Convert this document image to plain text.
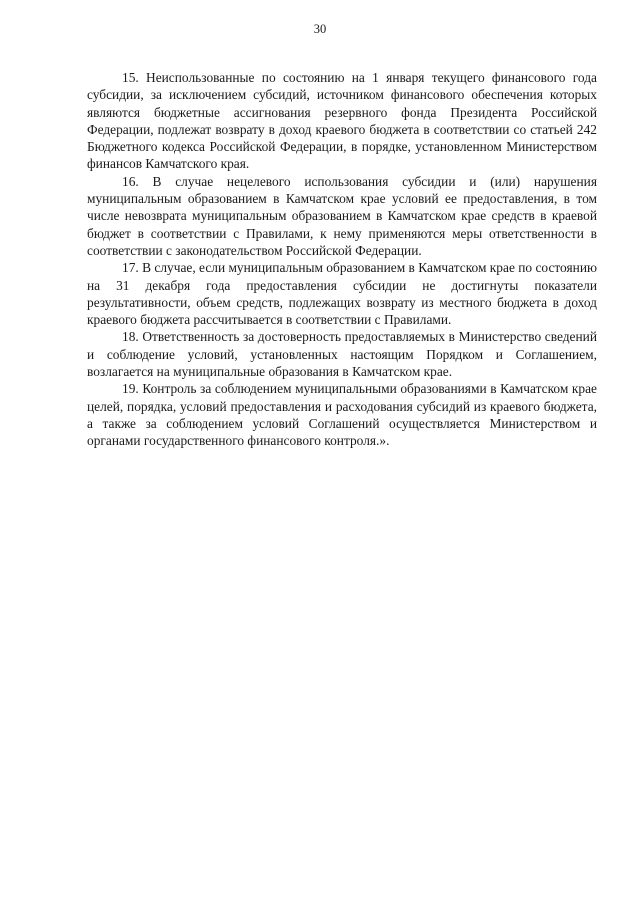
30

15. Неиспользованные по состоянию на 1 января текущего финансового года субсидии, за исключением субсидий, источником финансового обеспечения которых являются бюджетные ассигнования резервного фонда Президента Российской Федерации, подлежат возврату в доход краевого бюджета в соответствии со статьей 242 Бюджетного кодекса Российской Федерации, в порядке, установленном Министерством финансов Камчатского края.

16. В случае нецелевого использования субсидии и (или) нарушения муниципальным образованием в Камчатском крае условий ее предоставления, в том числе невозврата муниципальным образованием в Камчатском крае средств в краевой бюджет в соответствии с Правилами, к нему применяются меры ответственности в соответствии с законодательством Российской Федерации.

17. В случае, если муниципальным образованием в Камчатском крае по состоянию на 31 декабря года предоставления субсидии не достигнуты показатели результативности, объем средств, подлежащих возврату из местного бюджета в доход краевого бюджета рассчитывается в соответствии с Правилами.

18. Ответственность за достоверность предоставляемых в Министерство сведений и соблюдение условий, установленных настоящим Порядком и Соглашением, возлагается на муниципальные образования в Камчатском крае.

19. Контроль за соблюдением муниципальными образованиями в Камчатском крае целей, порядка, условий предоставления и расходования субсидий из краевого бюджета, а также за соблюдением условий Соглашений осуществляется Министерством и органами государственного финансового контроля.».
